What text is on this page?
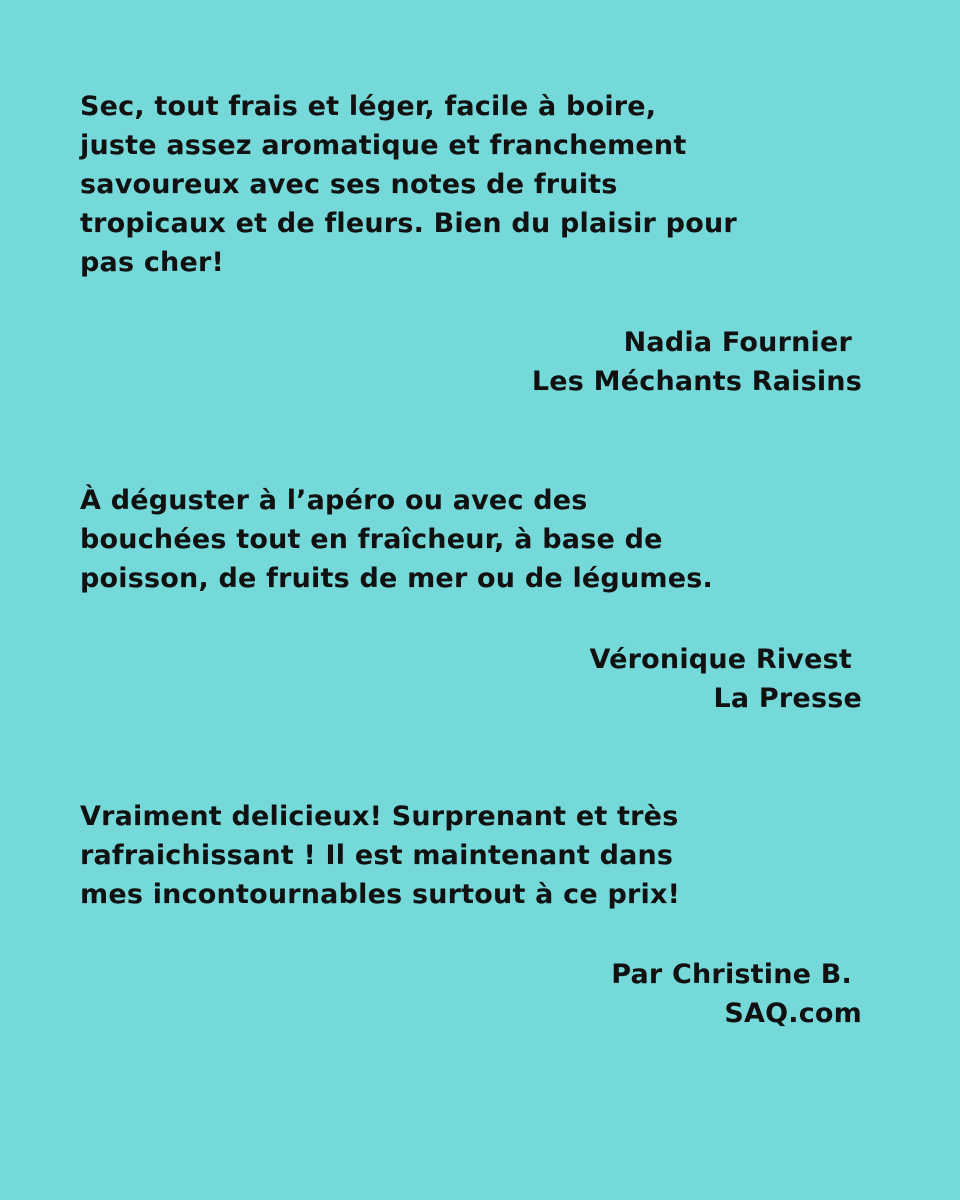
Sec, tout frais et léger, facile à boire,
juste assez aromatique et franchement
savoureux avec ses notes de fruits
tropicaux et de fleurs. Bien du plaisir pour
pas cher!
Nadia Fournier
Les Méchants Raisins
À déguster à l’apéro ou avec des
bouchées tout en fraîcheur, à base de
poisson, de fruits de mer ou de légumes.
Véronique Rivest
La Presse
Vraiment delicieux! Surprenant et très
rafraichissant ! Il est maintenant dans
mes incontournables surtout à ce prix!
Par Christine B.
SAQ.com
